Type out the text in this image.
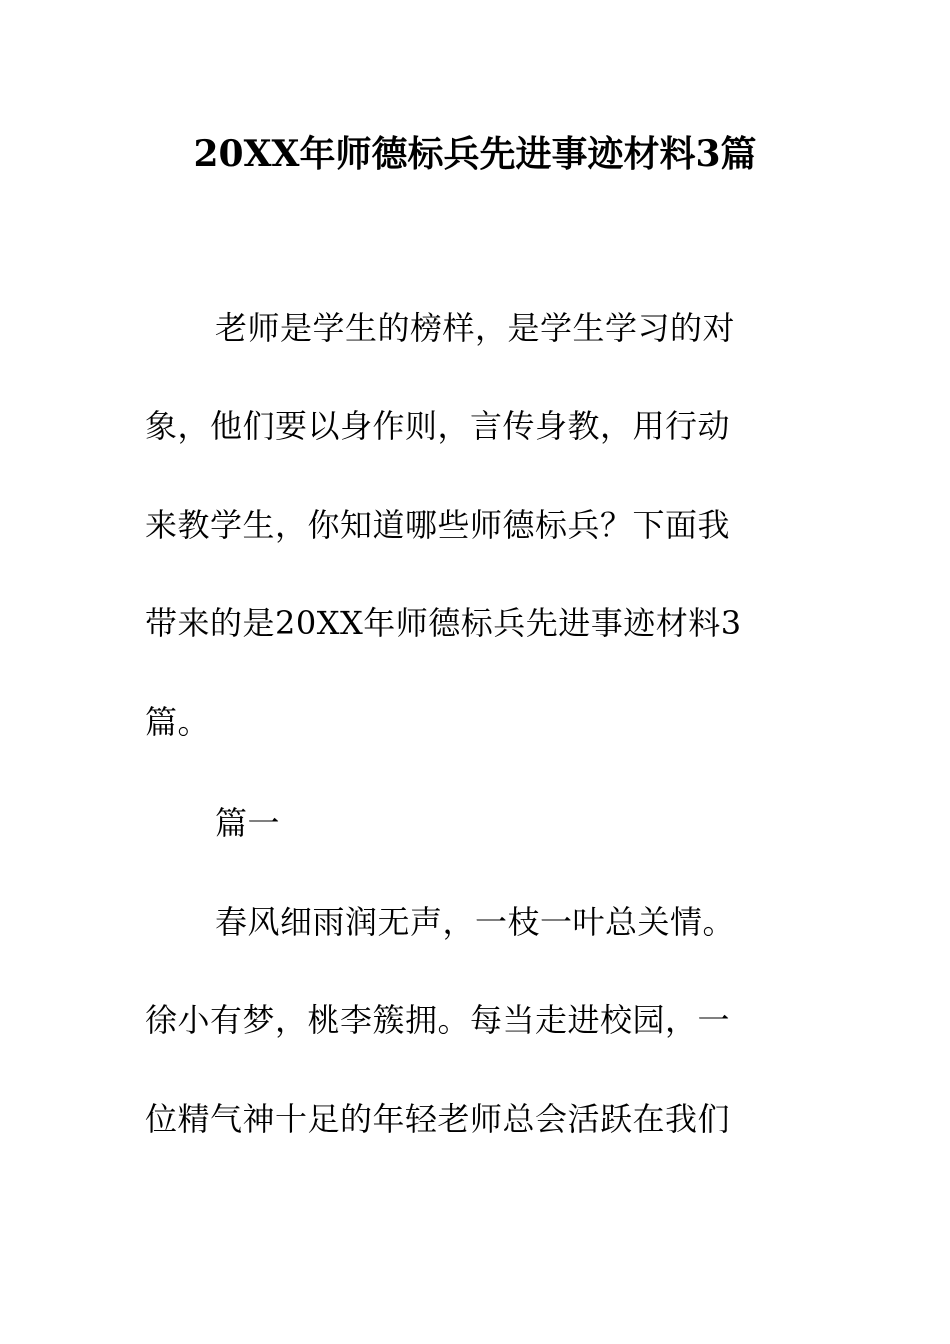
20XX年师德标兵先进事迹材料3篇
老师是学生的榜样，是学生学习的对
象，他们要以身作则，言传身教，用行动
来教学生，你知道哪些师德标兵？下面我
带来的是20XX年师德标兵先进事迹材料3
篇。
篇一
春风细雨润无声，一枝一叶总关情。
徐小有梦，桃李簇拥。每当走进校园，一
位精气神十足的年轻老师总会活跃在我们
